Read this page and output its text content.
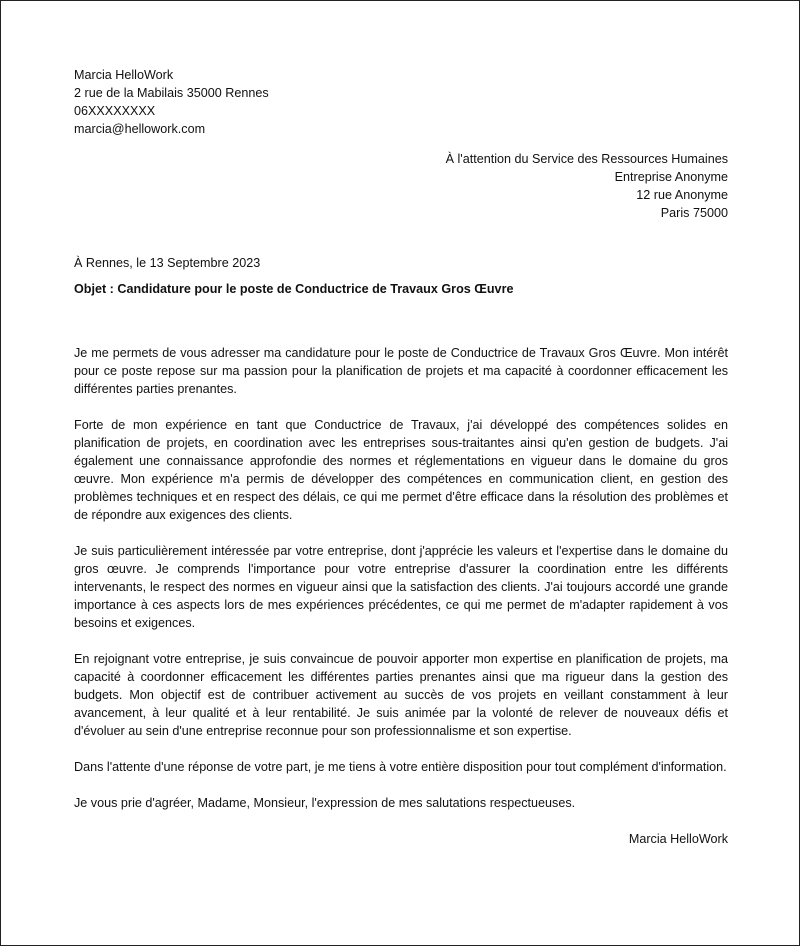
Marcia HelloWork

2 rue de la Mabilais 35000 Rennes

06XXXXXXXX

marcia@hellowork.com

À l'attention du Service des Ressources Humaines

Entreprise Anonyme

12 rue Anonyme

Paris 75000

À Rennes, le 13 Septembre 2023
Objet : Candidature pour le poste de Conductrice de Travaux Gros Œuvre

Je me permets de vous adresser ma candidature pour le poste de Conductrice de Travaux Gros Œuvre. Mon intérêt pour ce poste repose sur ma passion pour la planification de projets et ma capacité à coordonner efficacement les différentes parties prenantes.

Forte de mon expérience en tant que Conductrice de Travaux, j'ai développé des compétences solides en planification de projets, en coordination avec les entreprises sous-traitantes ainsi qu'en gestion de budgets. J'ai également une connaissance approfondie des normes et réglementations en vigueur dans le domaine du gros œuvre. Mon expérience m'a permis de développer des compétences en communication client, en gestion des problèmes techniques et en respect des délais, ce qui me permet d'être efficace dans la résolution des problèmes et de répondre aux exigences des clients.

Je suis particulièrement intéressée par votre entreprise, dont j'apprécie les valeurs et l'expertise dans le domaine du gros œuvre. Je comprends l'importance pour votre entreprise d'assurer la coordination entre les différents intervenants, le respect des normes en vigueur ainsi que la satisfaction des clients. J'ai toujours accordé une grande importance à ces aspects lors de mes expériences précédentes, ce qui me permet de m'adapter rapidement à vos besoins et exigences.

En rejoignant votre entreprise, je suis convaincue de pouvoir apporter mon expertise en planification de projets, ma capacité à coordonner efficacement les différentes parties prenantes ainsi que ma rigueur dans la gestion des budgets. Mon objectif est de contribuer activement au succès de vos projets en veillant constamment à leur avancement, à leur qualité et à leur rentabilité. Je suis animée par la volonté de relever de nouveaux défis et d'évoluer au sein d'une entreprise reconnue pour son professionnalisme et son expertise.

Dans l'attente d'une réponse de votre part, je me tiens à votre entière disposition pour tout complément d'information.

Je vous prie d'agréer, Madame, Monsieur, l'expression de mes salutations respectueuses.

Marcia HelloWork
